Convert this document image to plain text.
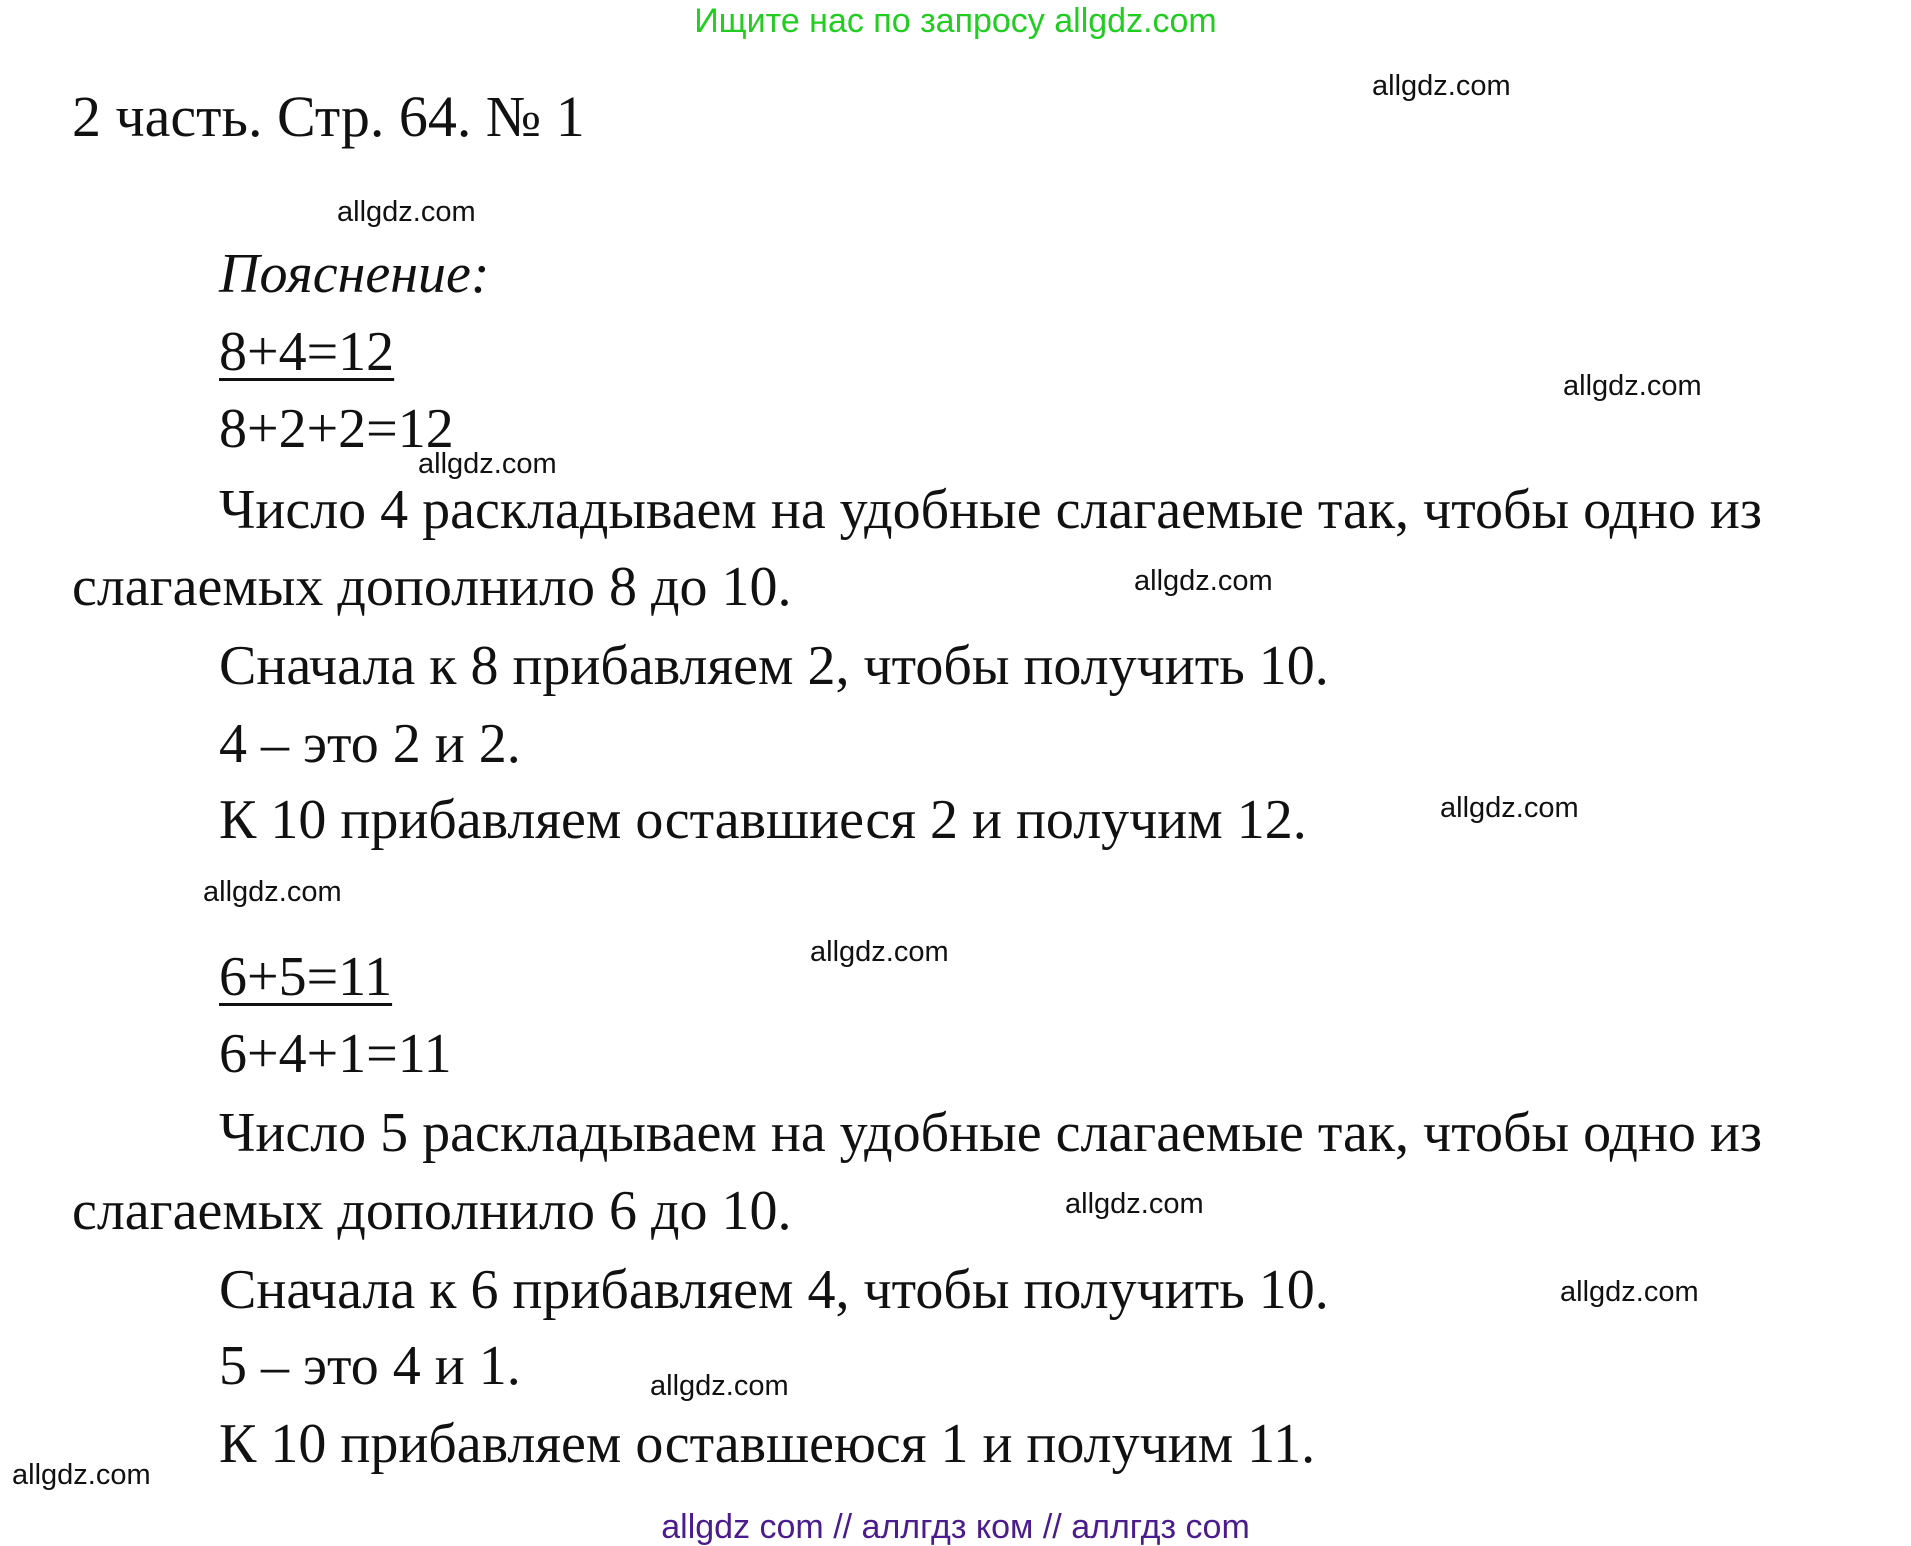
Ищите нас по запросу allgdz.com
2 часть. Стр. 64. № 1
Пояснение:
8+4=12
8+2+2=12
Число 4 раскладываем на удобные слагаемые так, чтобы одно из
слагаемых дополнило 8 до 10.
Сначала к 8 прибавляем 2, чтобы получить 10.
4 – это 2 и 2.
К 10 прибавляем оставшиеся 2 и получим 12.
6+5=11
6+4+1=11
Число 5 раскладываем на удобные слагаемые так, чтобы одно из
слагаемых дополнило 6 до 10.
Сначала к 6 прибавляем 4, чтобы получить 10.
5 – это 4 и 1.
К 10 прибавляем оставшеюся 1 и получим 11.
allgdz.com
allgdz.com
allgdz.com
allgdz.com
allgdz.com
allgdz.com
allgdz.com
allgdz.com
allgdz.com
allgdz.com
allgdz.com
allgdz.com
allgdz com // аллгдз ком // аллгдз com
